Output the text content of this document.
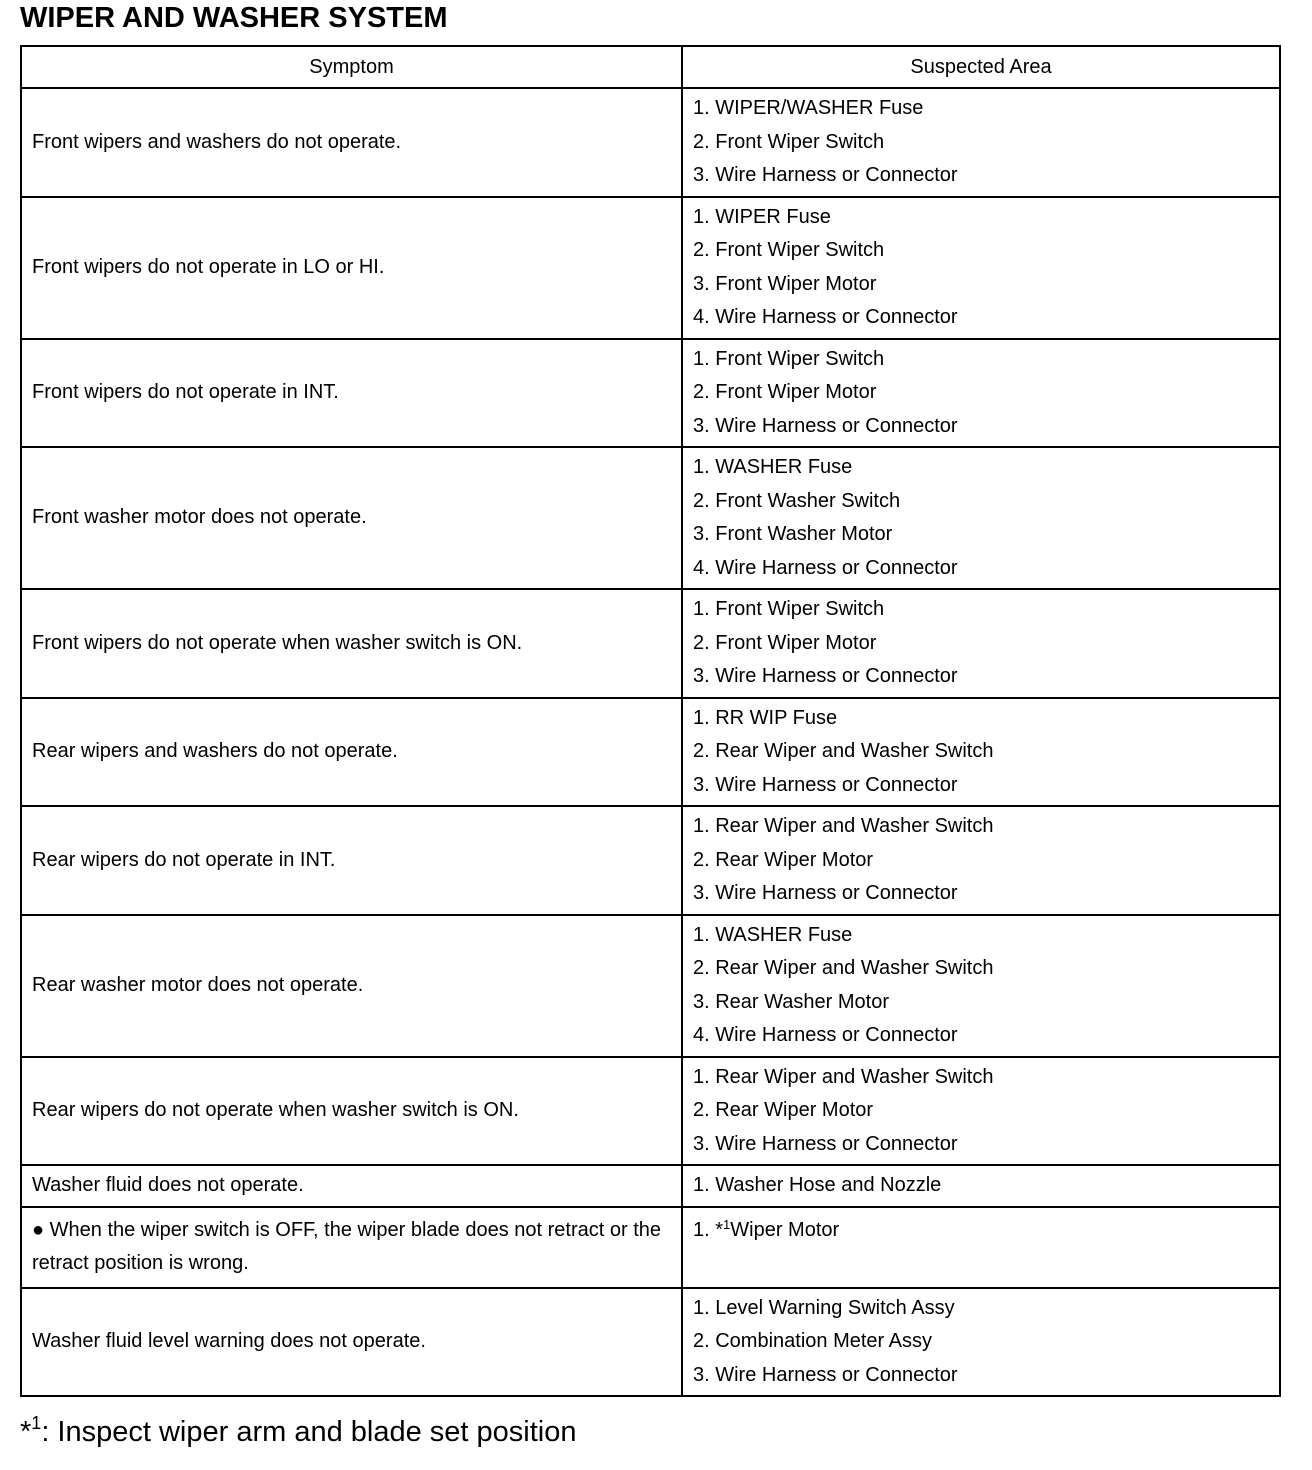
WIPER AND WASHER SYSTEM
Symptom	Suspected Area
Front wipers and washers do not operate.	1. WIPER/WASHER Fuse
2. Front Wiper Switch
3. Wire Harness or Connector

Front wipers do not operate in LO or HI.	1. WIPER Fuse
2. Front Wiper Switch
3. Front Wiper Motor
4. Wire Harness or Connector

Front wipers do not operate in INT.	1. Front Wiper Switch
2. Front Wiper Motor
3. Wire Harness or Connector

Front washer motor does not operate.	1. WASHER Fuse
2. Front Washer Switch
3. Front Washer Motor
4. Wire Harness or Connector

Front wipers do not operate when washer switch is ON.	1. Front Wiper Switch
2. Front Wiper Motor
3. Wire Harness or Connector

Rear wipers and washers do not operate.	1. RR WIP Fuse
2. Rear Wiper and Washer Switch
3. Wire Harness or Connector

Rear wipers do not operate in INT.	1. Rear Wiper and Washer Switch
2. Rear Wiper Motor
3. Wire Harness or Connector

Rear washer motor does not operate.	1. WASHER Fuse
2. Rear Wiper and Washer Switch
3. Rear Washer Motor
4. Wire Harness or Connector

Rear wipers do not operate when washer switch is ON.	1. Rear Wiper and Washer Switch
2. Rear Wiper Motor
3. Wire Harness or Connector

Washer fluid does not operate.	1. Washer Hose and Nozzle

● When the wiper switch is OFF, the wiper blade does not retract or the retract position is wrong.	1. *$^1$Wiper Motor

Washer fluid level warning does not operate.	1. Level Warning Switch Assy
2. Combination Meter Assy
3. Wire Harness or Connector
*$^1$: Inspect wiper arm and blade set position
